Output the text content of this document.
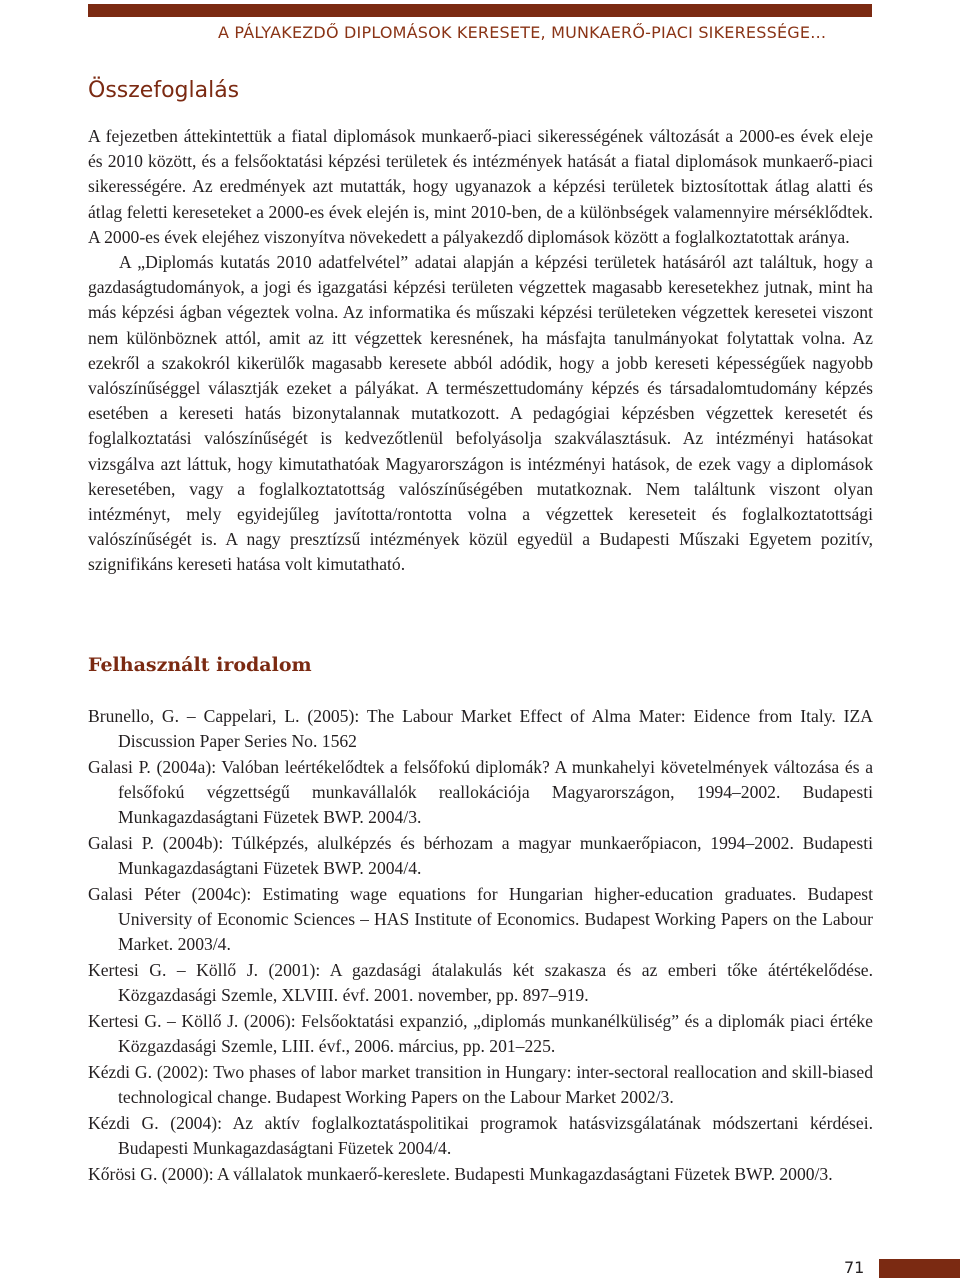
A PÁLYAKEZDŐ DIPLOMÁSOK KERESETE, MUNKAERŐ-PIACI SIKERESSÉGE…
Összefoglalás

A fejezetben áttekintettük a fiatal diplomások munkaerő-piaci sikerességének változását a 2000-es évek eleje és 2010 között, és a felsőoktatási képzési területek és intézmények hatását a fiatal diplomások munkaerő-piaci sikerességére. Az eredmények azt mutatták, hogy ugyanazok a képzési területek biztosítottak átlag alatti és átlag feletti kereseteket a 2000-es évek elején is, mint 2010-ben, de a különbségek valamennyire mérséklődtek. A 2000-es évek elejéhez viszonyítva növekedett a pályakezdő diplomások között a foglalkoztatottak aránya.

A „Diplomás kutatás 2010 adatfelvétel” adatai alapján a képzési területek hatásáról azt találtuk, hogy a gazdaságtudományok, a jogi és igazgatási képzési területen végzettek magasabb keresetekhez jutnak, mint ha más képzési ágban végeztek volna. Az informatika és műszaki képzési területeken végzettek keresetei viszont nem különböznek attól, amit az itt végzettek keresnének, ha másfajta tanulmányokat folytattak volna. Az ezekről a szakokról kikerülők magasabb keresete abból adódik, hogy a jobb kereseti képességűek nagyobb valószínűséggel választják ezeket a pályákat. A természettudomány képzés és társadalomtudomány képzés esetében a kereseti hatás bizonytalannak mutatkozott. A pedagógiai képzésben végzettek keresetét és foglalkoztatási valószínűségét is kedvezőtlenül befolyásolja szakválasztásuk. Az intézményi hatásokat vizsgálva azt láttuk, hogy kimutathatóak Magyarországon is intézményi hatások, de ezek vagy a diplomások keresetében, vagy a foglalkoztatottság valószínűségében mutatkoznak. Nem találtunk viszont olyan intézményt, mely egyidejűleg javította/rontotta volna a végzettek kereseteit és foglalkoztatottsági valószínűségét is. A nagy presztízsű intézmények közül egyedül a Budapesti Műszaki Egyetem pozitív, szignifikáns kereseti hatása volt kimutatható.

Felhasznált irodalom
Brunello, G. – Cappelari, L. (2005): The Labour Market Effect of Alma Mater: Eidence from Italy. IZA Discussion Paper Series No. 1562
Galasi P. (2004a): Valóban leértékelődtek a felsőfokú diplomák? A munkahelyi követelmények változása és a felsőfokú végzettségű munkavállalók reallokációja Magyarországon, 1994–2002. Budapesti Munkagazdaságtani Füzetek BWP. 2004/3.
Galasi P. (2004b): Túlképzés, alulképzés és bérhozam a magyar munkaerőpiacon, 1994–2002. Budapesti Munkagazdaságtani Füzetek BWP. 2004/4.
Galasi Péter (2004c): Estimating wage equations for Hungarian higher-education graduates. Budapest University of Economic Sciences – HAS Institute of Economics. Budapest Working Papers on the Labour Market. 2003/4.
Kertesi G. – Köllő J. (2001): A gazdasági átalakulás két szakasza és az emberi tőke átértékelődése. Közgazdasági Szemle, XLVIII. évf. 2001. november, pp. 897–919.
Kertesi G. – Köllő J. (2006): Felsőoktatási expanzió, „diplomás munkanélküliség” és a diplomák piaci értéke Közgazdasági Szemle, LIII. évf., 2006. március, pp. 201–225.
Kézdi G. (2002): Two phases of labor market transition in Hungary: inter-sectoral reallocation and skill-biased technological change. Budapest Working Papers on the Labour Market 2002/3.
Kézdi G. (2004): Az aktív foglalkoztatáspolitikai programok hatásvizsgálatának módszertani kérdései. Budapesti Munkagazdaságtani Füzetek 2004/4.
Kőrösi G. (2000): A vállalatok munkaerő-kereslete. Budapesti Munkagazdaságtani Füzetek BWP. 2000/3.
71
